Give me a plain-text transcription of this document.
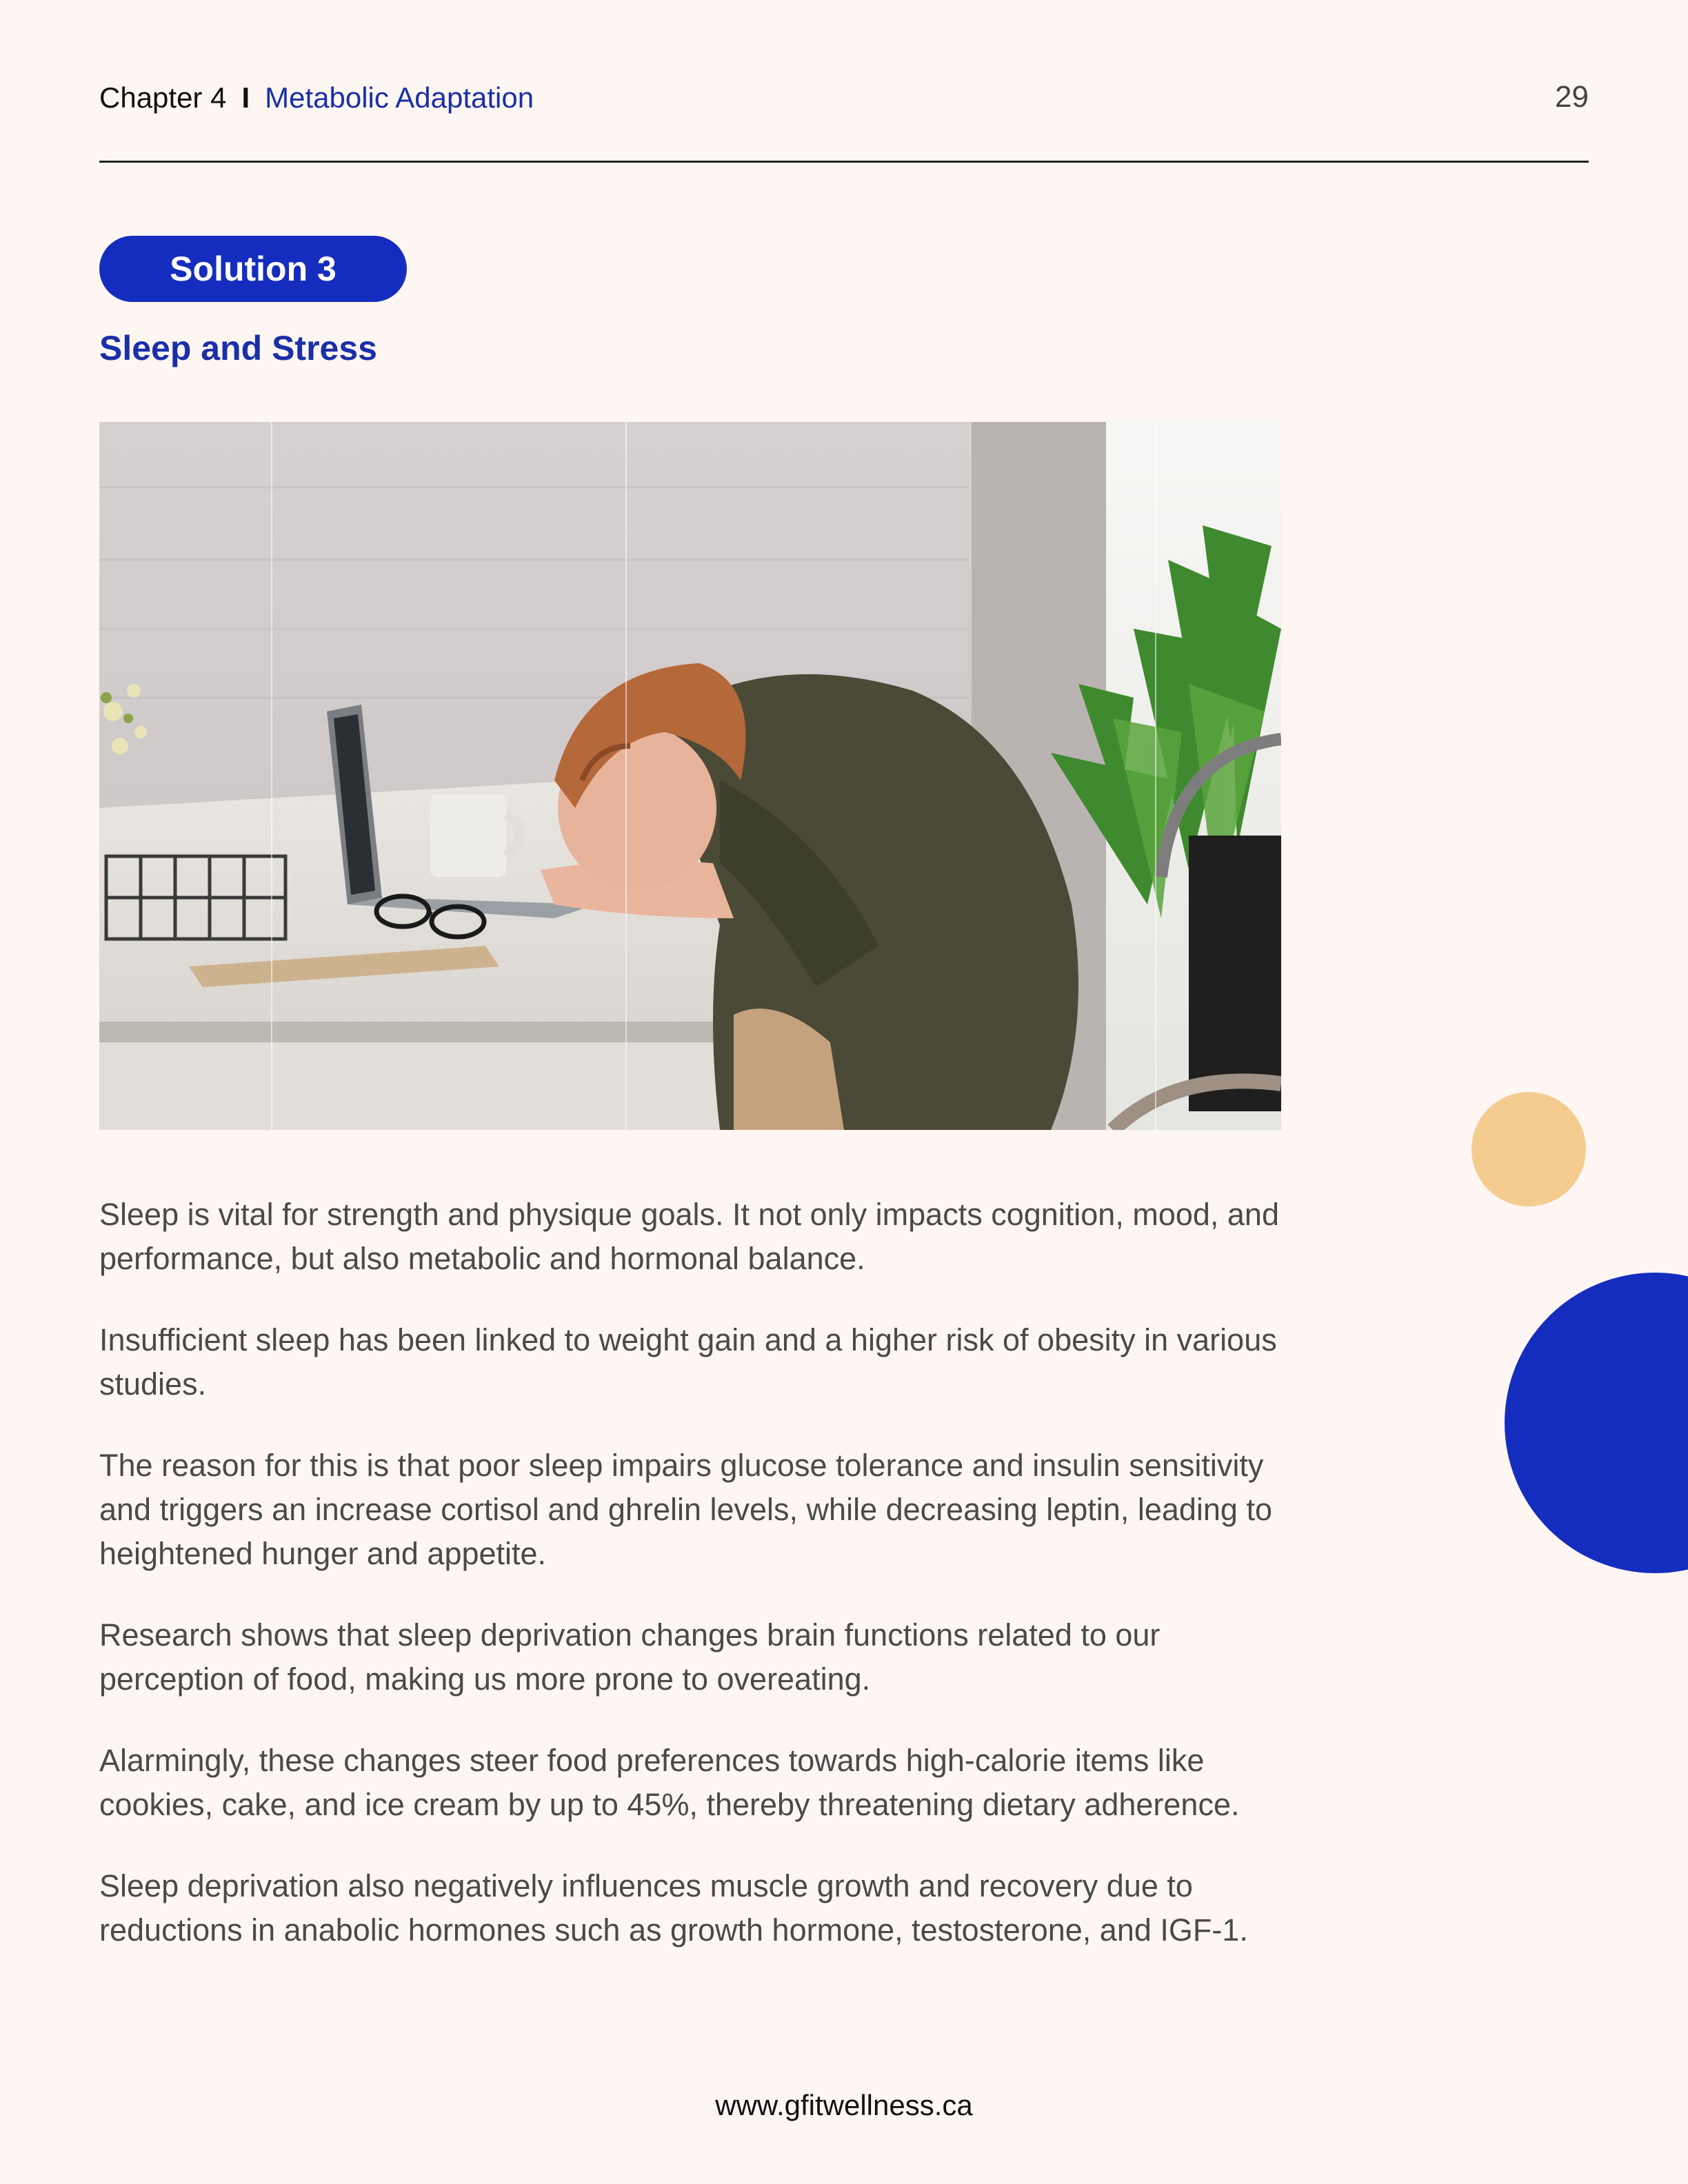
Chapter 4 I Metabolic Adaptation	29
Solution 3
Sleep and Stress

Sleep is vital for strength and physique goals. It not only impacts cognition, mood, and performance, but also metabolic and hormonal balance.

Insufficient sleep has been linked to weight gain and a higher risk of obesity in various studies.

The reason for this is that poor sleep impairs glucose tolerance and insulin sensitivity and triggers an increase cortisol and ghrelin levels, while decreasing leptin, leading to heightened hunger and appetite.

Research shows that sleep deprivation changes brain functions related to our perception of food, making us more prone to overeating.

Alarmingly, these changes steer food preferences towards high-calorie items like cookies, cake, and ice cream by up to 45%, thereby threatening dietary adherence.

Sleep deprivation also negatively influences muscle growth and recovery due to reductions in anabolic hormones such as growth hormone, testosterone, and IGF-1.

www.gfitwellness.ca
